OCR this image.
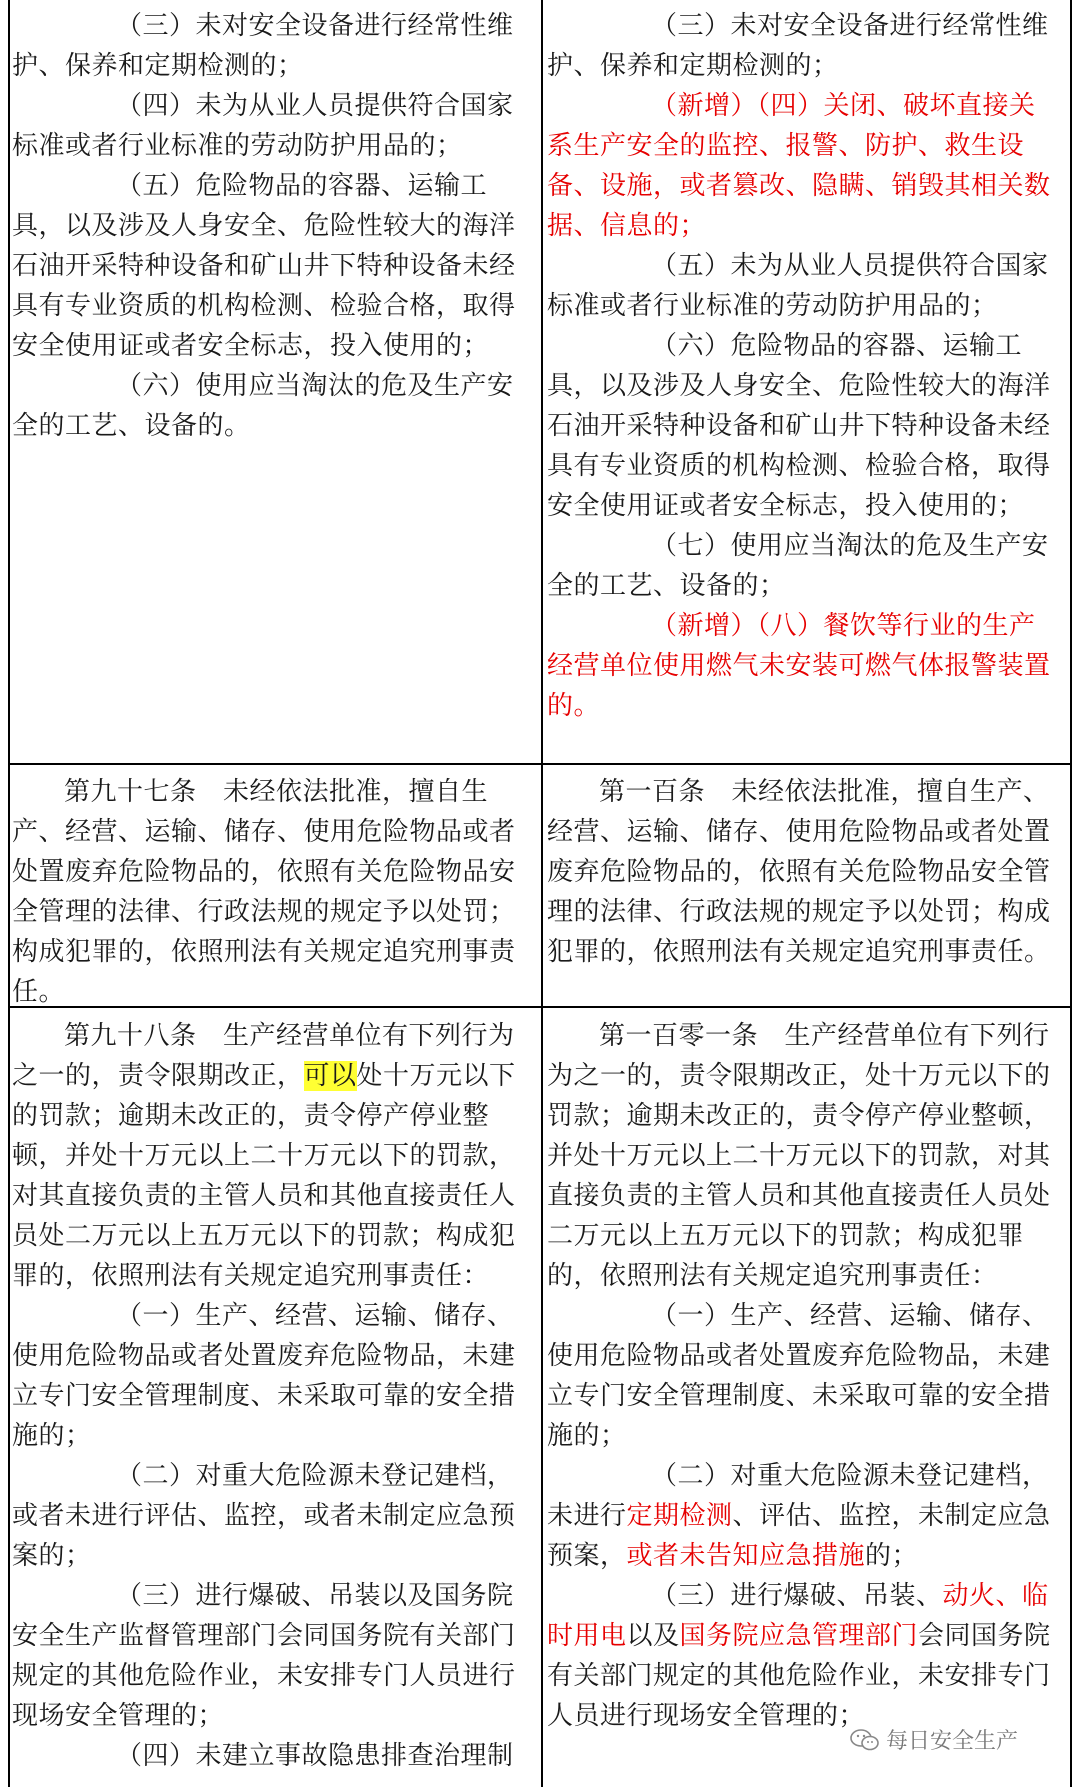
（三）未对安全设备进行经常性维护、保养和定期检测的；

（四）未为从业人员提供符合国家标准或者行业标准的劳动防护用品的；

（五）危险物品的容器、运输工具，以及涉及人身安全、危险性较大的海洋石油开采特种设备和矿山井下特种设备未经具有专业资质的机构检测、检验合格，取得安全使用证或者安全标志，投入使用的；

（六）使用应当淘汰的危及生产安全的工艺、设备的。

（三）未对安全设备进行经常性维护、保养和定期检测的；

（新增）（四）关闭、破坏直接关系生产安全的监控、报警、防护、救生设备、设施，或者篡改、隐瞒、销毁其相关数据、信息的；

（五）未为从业人员提供符合国家标准或者行业标准的劳动防护用品的；

（六）危险物品的容器、运输工具，以及涉及人身安全、危险性较大的海洋石油开采特种设备和矿山井下特种设备未经具有专业资质的机构检测、检验合格，取得安全使用证或者安全标志，投入使用的；

（七）使用应当淘汰的危及生产安全的工艺、设备的；

（新增）（八）餐饮等行业的生产经营单位使用燃气未安装可燃气体报警装置的。

第九十七条　未经依法批准，擅自生产、经营、运输、储存、使用危险物品或者处置废弃危险物品的，依照有关危险物品安全管理的法律、行政法规的规定予以处罚；构成犯罪的，依照刑法有关规定追究刑事责任。

第一百条　未经依法批准，擅自生产、经营、运输、储存、使用危险物品或者处置废弃危险物品的，依照有关危险物品安全管理的法律、行政法规的规定予以处罚；构成犯罪的，依照刑法有关规定追究刑事责任。

第九十八条　生产经营单位有下列行为之一的，责令限期改正，可以处十万元以下的罚款；逾期未改正的，责令停产停业整顿，并处十万元以上二十万元以下的罚款，对其直接负责的主管人员和其他直接责任人员处二万元以上五万元以下的罚款；构成犯罪的，依照刑法有关规定追究刑事责任：

（一）生产、经营、运输、储存、使用危险物品或者处置废弃危险物品，未建立专门安全管理制度、未采取可靠的安全措施的；

（二）对重大危险源未登记建档，或者未进行评估、监控，或者未制定应急预案的；

（三）进行爆破、吊装以及国务院安全生产监督管理部门会同国务院有关部门规定的其他危险作业，未安排专门人员进行现场安全管理的；

（四）未建立事故隐患排查治理制

第一百零一条　生产经营单位有下列行为之一的，责令限期改正，处十万元以下的罚款；逾期未改正的，责令停产停业整顿，并处十万元以上二十万元以下的罚款，对其直接负责的主管人员和其他直接责任人员处二万元以上五万元以下的罚款；构成犯罪的，依照刑法有关规定追究刑事责任：

（一）生产、经营、运输、储存、使用危险物品或者处置废弃危险物品，未建立专门安全管理制度、未采取可靠的安全措施的；

（二）对重大危险源未登记建档，未进行定期检测、评估、监控，未制定应急预案，或者未告知应急措施的；

（三）进行爆破、吊装、动火、临时用电以及国务院应急管理部门会同国务院有关部门规定的其他危险作业，未安排专门人员进行现场安全管理的；

每日安全生产
